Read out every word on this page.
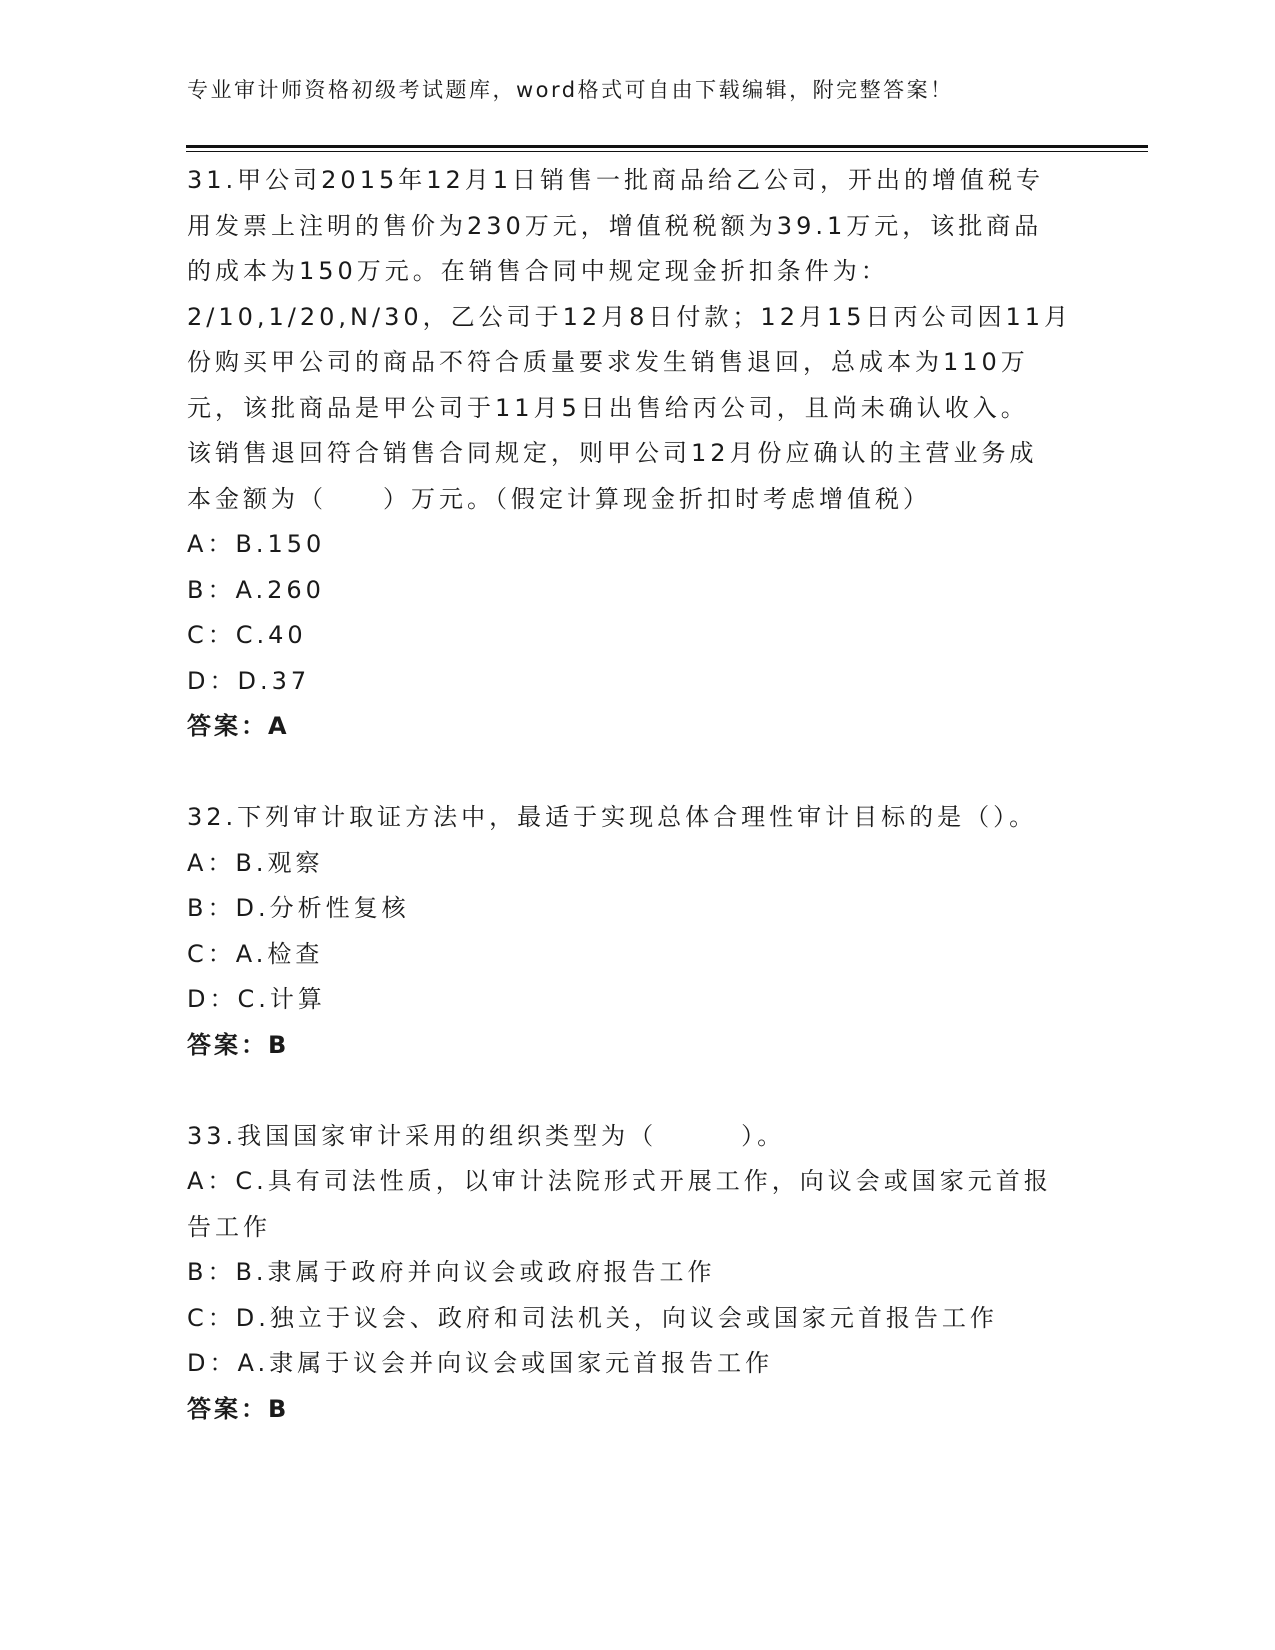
专业审计师资格初级考试题库，word格式可自由下载编辑，附完整答案！
31.甲公司2015年12月1日销售一批商品给乙公司，开出的增值税专
用发票上注明的售价为230万元，增值税税额为39.1万元，该批商品
的成本为150万元。在销售合同中规定现金折扣条件为：
2/10,1/20,N/30，乙公司于12月8日付款；12月15日丙公司因11月
份购买甲公司的商品不符合质量要求发生销售退回，总成本为110万
元，该批商品是甲公司于11月5日出售给丙公司，且尚未确认收入。
该销售退回符合销售合同规定，则甲公司12月份应确认的主营业务成
本金额为（　　）万元。（假定计算现金折扣时考虑增值税）
A：B.150
B：A.260
C：C.40
D：D.37
答案：A
32.下列审计取证方法中，最适于实现总体合理性审计目标的是（）。
A：B.观察
B：D.分析性复核
C：A.检查
D：C.计算
答案：B
33.我国国家审计采用的组织类型为（　　　）。
A：C.具有司法性质，以审计法院形式开展工作，向议会或国家元首报
告工作
B：B.隶属于政府并向议会或政府报告工作
C：D.独立于议会、政府和司法机关，向议会或国家元首报告工作
D：A.隶属于议会并向议会或国家元首报告工作
答案：B
